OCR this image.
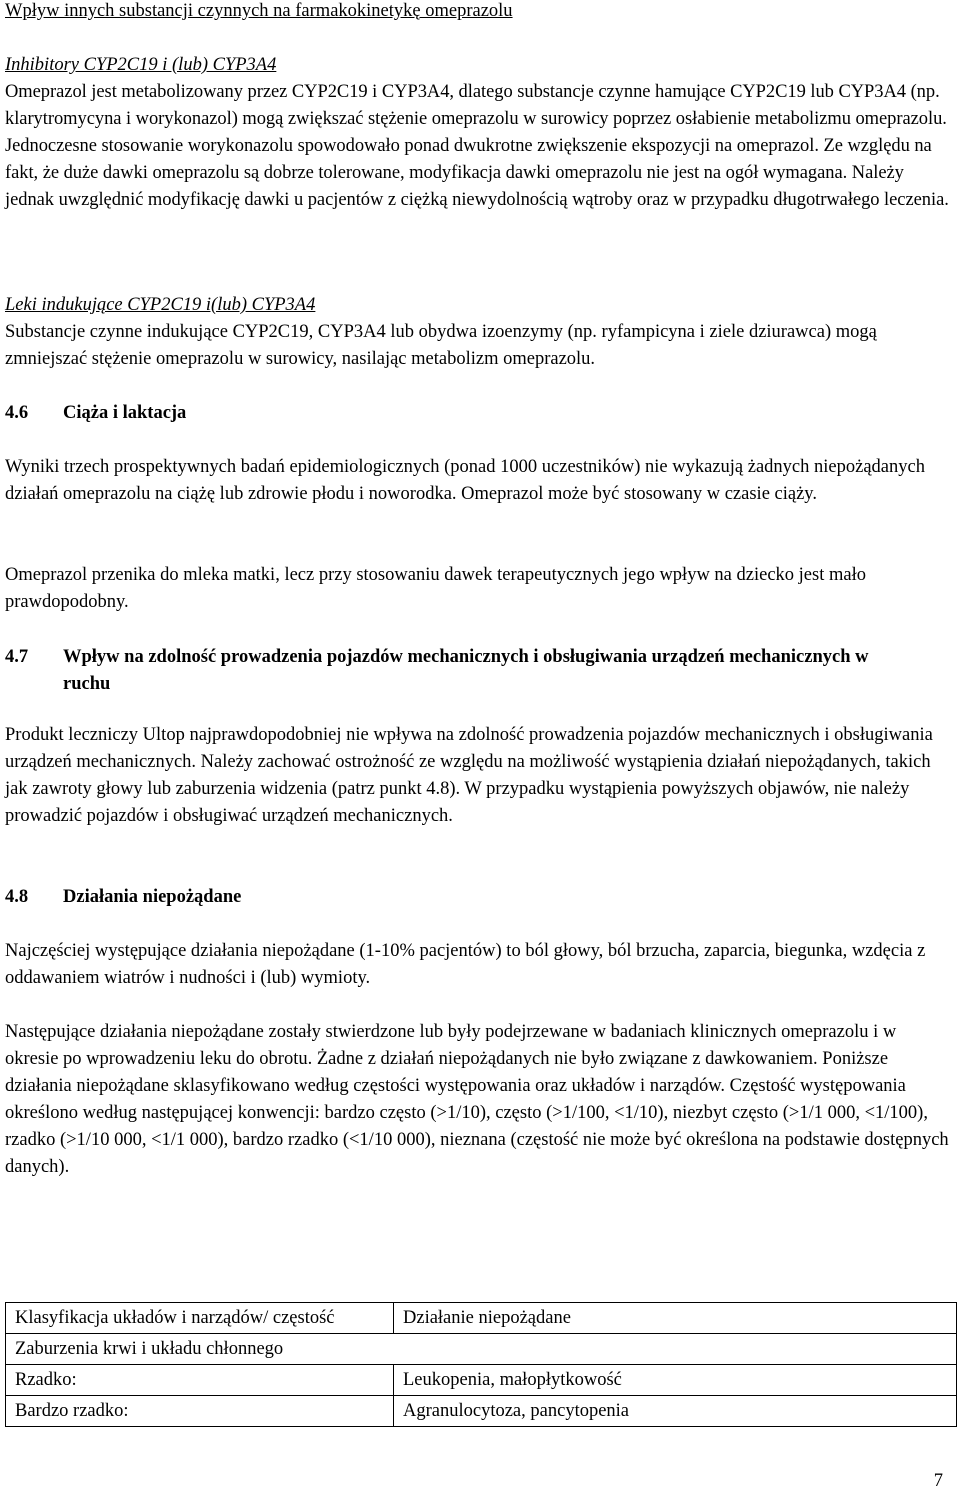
Wpływ innych substancji czynnych na farmakokinetykę omeprazolu

Inhibitory CYP2C19 i (lub) CYP3A4

Omeprazol jest metabolizowany przez CYP2C19 i CYP3A4, dlatego substancje czynne hamujące CYP2C19 lub CYP3A4 (np. klarytromycyna i worykonazol) mogą zwiększać stężenie omeprazolu w surowicy poprzez osłabienie metabolizmu omeprazolu. Jednoczesne stosowanie worykonazolu spowodowało ponad dwukrotne zwiększenie ekspozycji na omeprazol. Ze względu na fakt, że duże dawki omeprazolu są dobrze tolerowane, modyfikacja dawki omeprazolu nie jest na ogół wymagana. Należy jednak uwzględnić modyfikację dawki u pacjentów z ciężką niewydolnością wątroby oraz w przypadku długotrwałego leczenia.

Leki indukujące CYP2C19 i(lub) CYP3A4

Substancje czynne indukujące CYP2C19, CYP3A4 lub obydwa izoenzymy (np. ryfampicyna i ziele dziurawca) mogą zmniejszać stężenie omeprazolu w surowicy, nasilając metabolizm omeprazolu.

4.6 Ciąża i laktacja

Wyniki trzech prospektywnych badań epidemiologicznych (ponad 1000 uczestników) nie wykazują żadnych niepożądanych działań omeprazolu na ciążę lub zdrowie płodu i noworodka. Omeprazol może być stosowany w czasie ciąży.

Omeprazol przenika do mleka matki, lecz przy stosowaniu dawek terapeutycznych jego wpływ na dziecko jest mało prawdopodobny.

4.7 Wpływ na zdolność prowadzenia pojazdów mechanicznych i obsługiwania urządzeń mechanicznych w ruchu

Produkt leczniczy Ultop najprawdopodobniej nie wpływa na zdolność prowadzenia pojazdów mechanicznych i obsługiwania urządzeń mechanicznych. Należy zachować ostrożność ze względu na możliwość wystąpienia działań niepożądanych, takich jak zawroty głowy lub zaburzenia widzenia (patrz punkt 4.8). W przypadku wystąpienia powyższych objawów, nie należy prowadzić pojazdów i obsługiwać urządzeń mechanicznych.

4.8 Działania niepożądane

Najczęściej występujące działania niepożądane (1-10% pacjentów) to ból głowy, ból brzucha, zaparcia, biegunka, wzdęcia z oddawaniem wiatrów i nudności i (lub) wymioty.

Następujące działania niepożądane zostały stwierdzone lub były podejrzewane w badaniach klinicznych omeprazolu i w okresie po wprowadzeniu leku do obrotu. Żadne z działań niepożądanych nie było związane z dawkowaniem. Poniższe działania niepożądane sklasyfikowano według częstości występowania oraz układów i narządów. Częstość występowania określono według następującej konwencji: bardzo często (>1/10), często (>1/100, <1/10), niezbyt często (>1/1 000, <1/100), rzadko (>1/10 000, <1/1 000), bardzo rzadko (<1/10 000), nieznana (częstość nie może być określona na podstawie dostępnych danych).

Klasyfikacja układów i narządów/ częstość	Działanie niepożądane
Zaburzenia krwi i układu chłonnego	
Rzadko:	Leukopenia, małopłytkowość
Bardzo rzadko:	Agranulocytoza, pancytopenia
7
